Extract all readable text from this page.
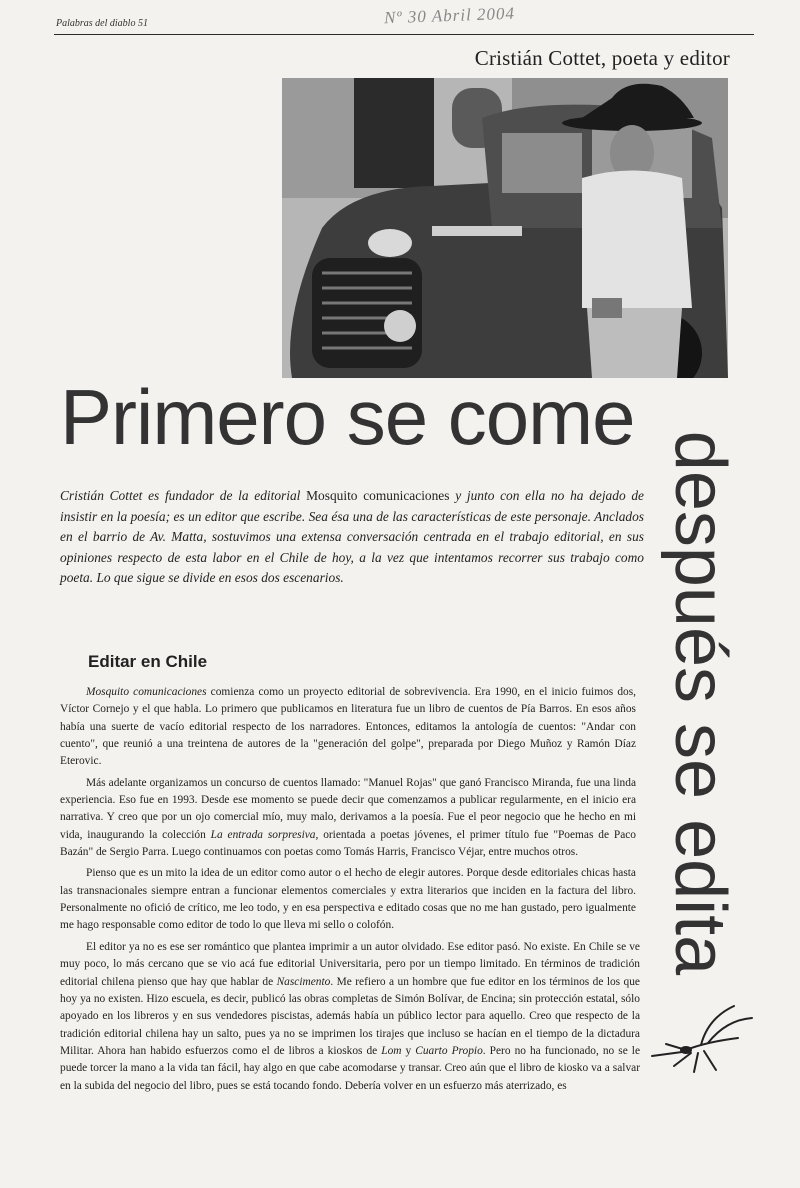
Palabras del diablo 51	Nº 30 Abril 2004
Cristián Cottet, poeta y editor
Primero se come
después se edita
Cristián Cottet es fundador de la editorial Mosquito comunicaciones y junto con ella no ha dejado de insistir en la poesía; es un editor que escribe. Sea ésa una de las características de este personaje. Anclados en el barrio de Av. Matta, sostuvimos una extensa conversación centrada en el trabajo editorial, en sus opiniones respecto de esta labor en el Chile de hoy, a la vez que intentamos recorrer sus trabajo como poeta. Lo que sigue se divide en esos dos escenarios.
Editar en Chile

Mosquito comunicaciones comienza como un proyecto editorial de sobrevivencia. Era 1990, en el inicio fuimos dos, Víctor Cornejo y el que habla. Lo primero que publicamos en literatura fue un libro de cuentos de Pía Barros. En esos años había una suerte de vacío editorial respecto de los narradores. Entonces, editamos la antología de cuentos: "Andar con cuento", que reunió a una treintena de autores de la "generación del golpe", preparada por Diego Muñoz y Ramón Díaz Eterovic.

Más adelante organizamos un concurso de cuentos llamado: "Manuel Rojas" que ganó Francisco Miranda, fue una linda experiencia. Eso fue en 1993. Desde ese momento se puede decir que comenzamos a publicar regularmente, en el inicio era narrativa. Y creo que por un ojo comercial mío, muy malo, derivamos a la poesía. Fue el peor negocio que he hecho en mi vida, inaugurando la colección La entrada sorpresiva, orientada a poetas jóvenes, el primer título fue "Poemas de Paco Bazán" de Sergio Parra. Luego continuamos con poetas como Tomás Harris, Francisco Véjar, entre muchos otros.

Pienso que es un mito la idea de un editor como autor o el hecho de elegir autores. Porque desde editoriales chicas hasta las transnacionales siempre entran a funcionar elementos comerciales y extra literarios que inciden en la factura del libro. Personalmente no ofició de crítico, me leo todo, y en esa perspectiva e editado cosas que no me han gustado, pero igualmente me hago responsable como editor de todo lo que lleva mi sello o colofón.

El editor ya no es ese ser romántico que plantea imprimir a un autor olvidado. Ese editor pasó. No existe. En Chile se ve muy poco, lo más cercano que se vio acá fue editorial Universitaria, pero por un tiempo limitado. En términos de tradición editorial chilena pienso que hay que hablar de Nascimento. Me refiero a un hombre que fue editor en los términos de los que hoy ya no existen. Hizo escuela, es decir, publicó las obras completas de Simón Bolívar, de Encina; sin protección estatal, sólo apoyado en los libreros y en sus vendedores piscistas, además había un público lector para aquello. Creo que respecto de la tradición editorial chilena hay un salto, pues ya no se imprimen los tirajes que incluso se hacían en el tiempo de la dictadura Militar. Ahora han habido esfuerzos como el de libros a kioskos de Lom y Cuarto Propio. Pero no ha funcionado, no se le puede torcer la mano a la vida tan fácil, hay algo en que cabe acomodarse y transar. Creo aún que el libro de kiosko va a salvar en la subida del negocio del libro, pues se está tocando fondo. Debería volver en un esfuerzo más aterrizado, es
